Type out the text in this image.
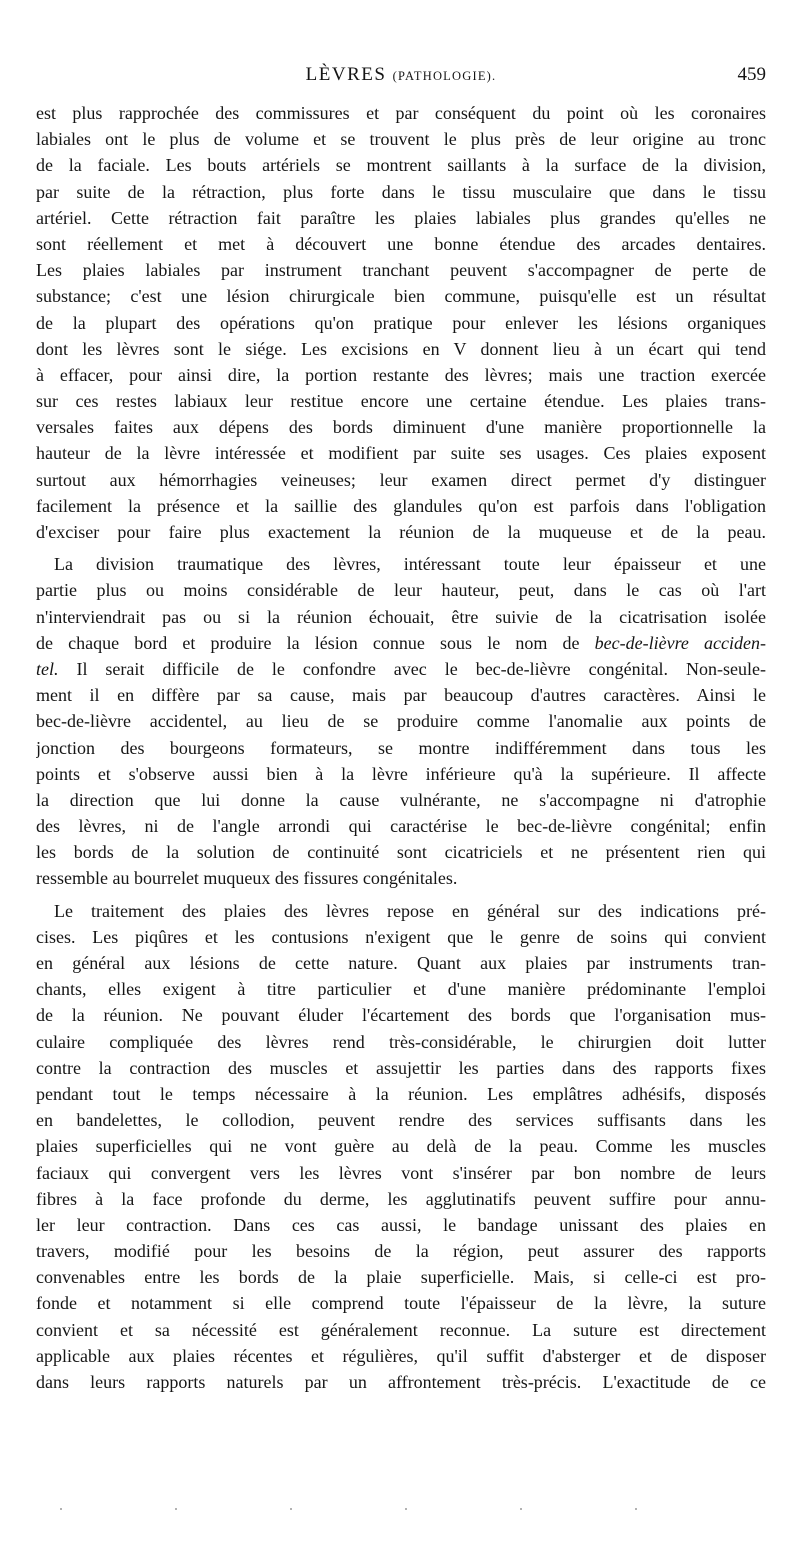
LÈVRES (PATHOLOGIE).	459
est plus rapprochée des commissures et par conséquent du point où les coronaires
labiales ont le plus de volume et se trouvent le plus près de leur origine au tronc
de la faciale. Les bouts artériels se montrent saillants à la surface de la division,
par suite de la rétraction, plus forte dans le tissu musculaire que dans le tissu
artériel. Cette rétraction fait paraître les plaies labiales plus grandes qu'elles ne
sont réellement et met à découvert une bonne étendue des arcades dentaires.
Les plaies labiales par instrument tranchant peuvent s'accompagner de perte de
substance; c'est une lésion chirurgicale bien commune, puisqu'elle est un résultat
de la plupart des opérations qu'on pratique pour enlever les lésions organiques
dont les lèvres sont le siége. Les excisions en V donnent lieu à un écart qui tend
à effacer, pour ainsi dire, la portion restante des lèvres; mais une traction exercée
sur ces restes labiaux leur restitue encore une certaine étendue. Les plaies trans-
versales faites aux dépens des bords diminuent d'une manière proportionnelle la
hauteur de la lèvre intéressée et modifient par suite ses usages. Ces plaies exposent
surtout aux hémorrhagies veineuses; leur examen direct permet d'y distinguer
facilement la présence et la saillie des glandules qu'on est parfois dans l'obligation
d'exciser pour faire plus exactement la réunion de la muqueuse et de la peau.
La division traumatique des lèvres, intéressant toute leur épaisseur et une
partie plus ou moins considérable de leur hauteur, peut, dans le cas où l'art
n'interviendrait pas ou si la réunion échouait, être suivie de la cicatrisation isolée
de chaque bord et produire la lésion connue sous le nom de bec-de-lièvre acciden-
tel. Il serait difficile de le confondre avec le bec-de-lièvre congénital. Non-seule-
ment il en diffère par sa cause, mais par beaucoup d'autres caractères. Ainsi le
bec-de-lièvre accidentel, au lieu de se produire comme l'anomalie aux points de
jonction des bourgeons formateurs, se montre indifféremment dans tous les
points et s'observe aussi bien à la lèvre inférieure qu'à la supérieure. Il affecte
la direction que lui donne la cause vulnérante, ne s'accompagne ni d'atrophie
des lèvres, ni de l'angle arrondi qui caractérise le bec-de-lièvre congénital; enfin
les bords de la solution de continuité sont cicatriciels et ne présentent rien qui
ressemble au bourrelet muqueux des fissures congénitales.
Le traitement des plaies des lèvres repose en général sur des indications pré-
cises. Les piqûres et les contusions n'exigent que le genre de soins qui convient
en général aux lésions de cette nature. Quant aux plaies par instruments tran-
chants, elles exigent à titre particulier et d'une manière prédominante l'emploi
de la réunion. Ne pouvant éluder l'écartement des bords que l'organisation mus-
culaire compliquée des lèvres rend très-considérable, le chirurgien doit lutter
contre la contraction des muscles et assujettir les parties dans des rapports fixes
pendant tout le temps nécessaire à la réunion. Les emplâtres adhésifs, disposés
en bandelettes, le collodion, peuvent rendre des services suffisants dans les
plaies superficielles qui ne vont guère au delà de la peau. Comme les muscles
faciaux qui convergent vers les lèvres vont s'insérer par bon nombre de leurs
fibres à la face profonde du derme, les agglutinatifs peuvent suffire pour annu-
ler leur contraction. Dans ces cas aussi, le bandage unissant des plaies en
travers, modifié pour les besoins de la région, peut assurer des rapports
convenables entre les bords de la plaie superficielle. Mais, si celle-ci est pro-
fonde et notamment si elle comprend toute l'épaisseur de la lèvre, la suture
convient et sa nécessité est généralement reconnue. La suture est directement
applicable aux plaies récentes et régulières, qu'il suffit d'absterger et de disposer
dans leurs rapports naturels par un affrontement très-précis. L'exactitude de ce
